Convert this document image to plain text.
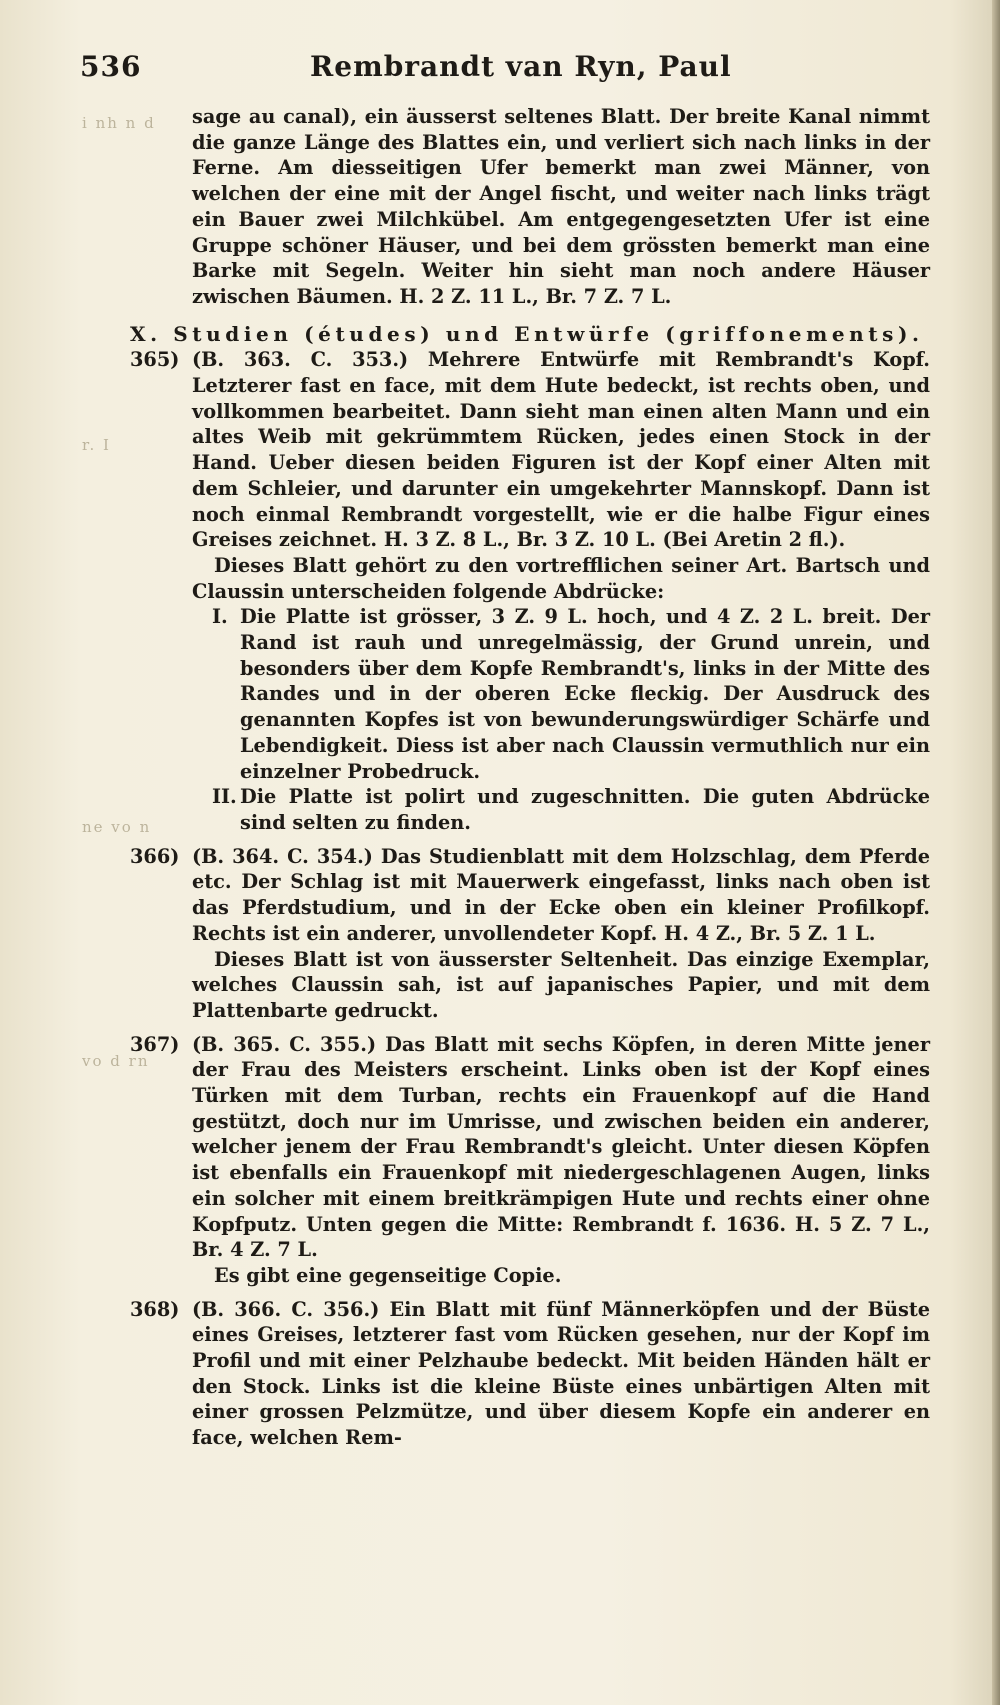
536	Rembrandt van Ryn, Paul
i nh n d
r. I
ne vo n
vo d rn

sage au canal), ein äusserst seltenes Blatt. Der breite Kanal nimmt die ganze Länge des Blattes ein, und verliert sich nach links in der Ferne. Am diesseitigen Ufer bemerkt man zwei Männer, von welchen der eine mit der Angel fischt, und weiter nach links trägt ein Bauer zwei Milchkübel. Am entgegengesetzten Ufer ist eine Gruppe schöner Häuser, und bei dem grössten bemerkt man eine Barke mit Segeln. Weiter hin sieht man noch andere Häuser zwischen Bäumen. H. 2 Z. 11 L., Br. 7 Z. 7 L.

X. Studien (études) und Entwürfe (griffonements).

365) (B. 363. C. 353.) Mehrere Entwürfe mit Rembrandt's Kopf. Letzterer fast en face, mit dem Hute bedeckt, ist rechts oben, und vollkommen bearbeitet. Dann sieht man einen alten Mann und ein altes Weib mit gekrümmtem Rücken, jedes einen Stock in der Hand. Ueber diesen beiden Figuren ist der Kopf einer Alten mit dem Schleier, und darunter ein umgekehrter Mannskopf. Dann ist noch einmal Rembrandt vorgestellt, wie er die halbe Figur eines Greises zeichnet. H. 3 Z. 8 L., Br. 3 Z. 10 L. (Bei Aretin 2 fl.).

Dieses Blatt gehört zu den vortrefflichen seiner Art. Bartsch und Claussin unterscheiden folgende Abdrücke:

I. Die Platte ist grösser, 3 Z. 9 L. hoch, und 4 Z. 2 L. breit. Der Rand ist rauh und unregelmässig, der Grund unrein, und besonders über dem Kopfe Rembrandt's, links in der Mitte des Randes und in der oberen Ecke fleckig. Der Ausdruck des genannten Kopfes ist von bewunderungswürdiger Schärfe und Lebendigkeit. Diess ist aber nach Claussin vermuthlich nur ein einzelner Probedruck.

II. Die Platte ist polirt und zugeschnitten. Die guten Abdrücke sind selten zu finden.

366) (B. 364. C. 354.) Das Studienblatt mit dem Holzschlag, dem Pferde etc. Der Schlag ist mit Mauerwerk eingefasst, links nach oben ist das Pferdstudium, und in der Ecke oben ein kleiner Profilkopf. Rechts ist ein anderer, unvollendeter Kopf. H. 4 Z., Br. 5 Z. 1 L.

Dieses Blatt ist von äusserster Seltenheit. Das einzige Exemplar, welches Claussin sah, ist auf japanisches Papier, und mit dem Plattenbarte gedruckt.

367) (B. 365. C. 355.) Das Blatt mit sechs Köpfen, in deren Mitte jener der Frau des Meisters erscheint. Links oben ist der Kopf eines Türken mit dem Turban, rechts ein Frauenkopf auf die Hand gestützt, doch nur im Umrisse, und zwischen beiden ein anderer, welcher jenem der Frau Rembrandt's gleicht. Unter diesen Köpfen ist ebenfalls ein Frauenkopf mit niedergeschlagenen Augen, links ein solcher mit einem breitkrämpigen Hute und rechts einer ohne Kopfputz. Unten gegen die Mitte: Rembrandt f. 1636. H. 5 Z. 7 L., Br. 4 Z. 7 L.

Es gibt eine gegenseitige Copie.

368) (B. 366. C. 356.) Ein Blatt mit fünf Männerköpfen und der Büste eines Greises, letzterer fast vom Rücken gesehen, nur der Kopf im Profil und mit einer Pelzhaube bedeckt. Mit beiden Händen hält er den Stock. Links ist die kleine Büste eines unbärtigen Alten mit einer grossen Pelzmütze, und über diesem Kopfe ein anderer en face, welchen Rem-
